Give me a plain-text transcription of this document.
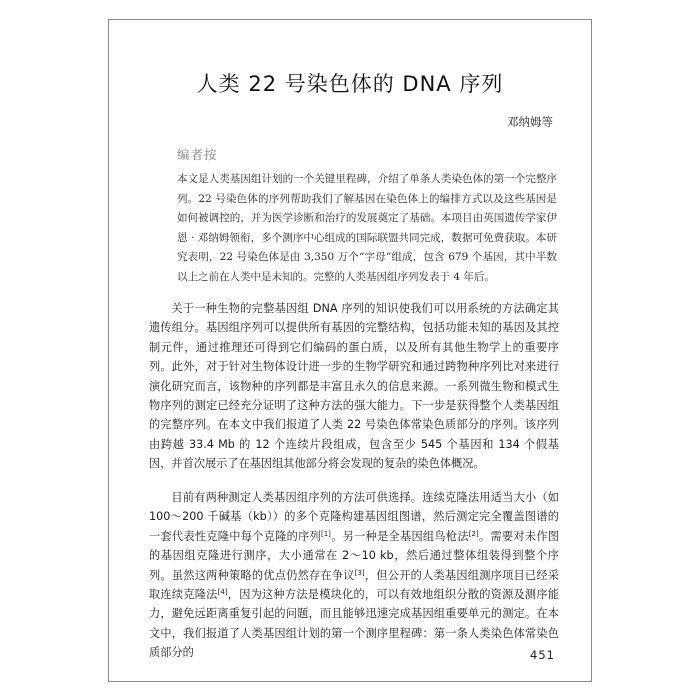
人类 22 号染色体的 DNA 序列
邓纳姆等
编者按
本文是人类基因组计划的一个关键里程碑，介绍了单条人类染色体的第一个完整序列。22 号染色体的序列帮助我们了解基因在染色体上的编排方式以及这些基因是如何被调控的，并为医学诊断和治疗的发展奠定了基础。本项目由英国遗传学家伊恩 · 邓纳姆领衔，多个测序中心组成的国际联盟共同完成，数据可免费获取。本研究表明，22 号染色体是由 3,350 万个“字母”组成，包含 679 个基因，其中半数以上之前在人类中是未知的。完整的人类基因组序列发表于 4 年后。
关于一种生物的完整基因组 DNA 序列的知识使我们可以用系统的方法确定其遗传组分。基因组序列可以提供所有基因的完整结构，包括功能未知的基因及其控制元件，通过推理还可得到它们编码的蛋白质，以及所有其他生物学上的重要序列。此外，对于针对生物体设计进一步的生物学研究和通过跨物种序列比对来进行演化研究而言，该物种的序列都是丰富且永久的信息来源。一系列微生物和模式生物序列的测定已经充分证明了这种方法的强大能力。下一步是获得整个人类基因组的完整序列。在本文中我们报道了人类 22 号染色体常染色质部分的序列。该序列由跨越 33.4 Mb 的 12 个连续片段组成，包含至少 545 个基因和 134 个假基因，并首次展示了在基因组其他部分将会发现的复杂的染色体概况。
目前有两种测定人类基因组序列的方法可供选择。连续克隆法用适当大小（如 100～200 千碱基（kb））的多个克隆构建基因组图谱，然后测定完全覆盖图谱的一套代表性克隆中每个克隆的序列[1]。另一种是全基因组鸟枪法[2]。需要对未作图的基因组克隆进行测序，大小通常在 2～10 kb，然后通过整体组装得到整个序列。虽然这两种策略的优点仍然存在争议[3]，但公开的人类基因组测序项目已经采取连续克隆法[4]，因为这种方法是模块化的，可以有效地组织分散的资源及测序能力，避免远距离重复引起的问题，而且能够迅速完成基因组重要单元的测定。在本文中，我们报道了人类基因组计划的第一个测序里程碑：第一条人类染色体常染色质部分的	451
